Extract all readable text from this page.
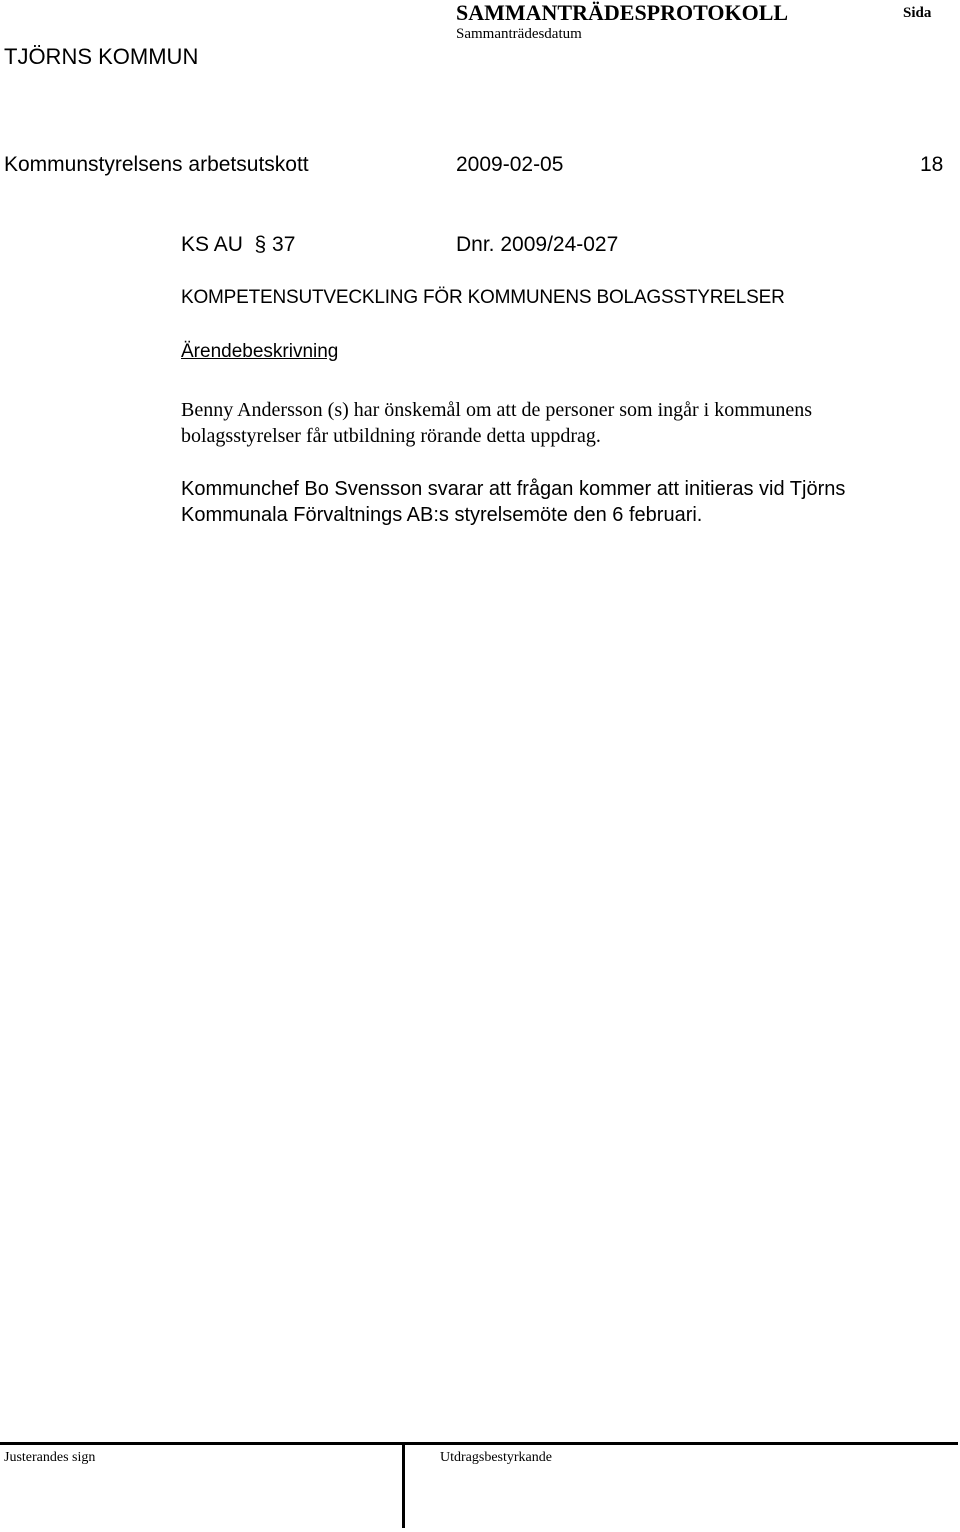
SAMMANTRÄDESPROTOKOLL	Sida
Sammanträdesdatum
TJÖRNS KOMMUN
Kommunstyrelsens arbetsutskott	2009-02-05	18
KS AU  § 37	Dnr. 2009/24-027
KOMPETENSUTVECKLING FÖR KOMMUNENS BOLAGSSTYRELSER
Ärendebeskrivning
Benny Andersson (s) har önskemål om att de personer som ingår i kommunens
bolagsstyrelser får utbildning rörande detta uppdrag.
Kommunchef Bo Svensson svarar att frågan kommer att initieras vid Tjörns
Kommunala Förvaltnings AB:s styrelsemöte den 6 februari.
Justerandes sign	Utdragsbestyrkande
